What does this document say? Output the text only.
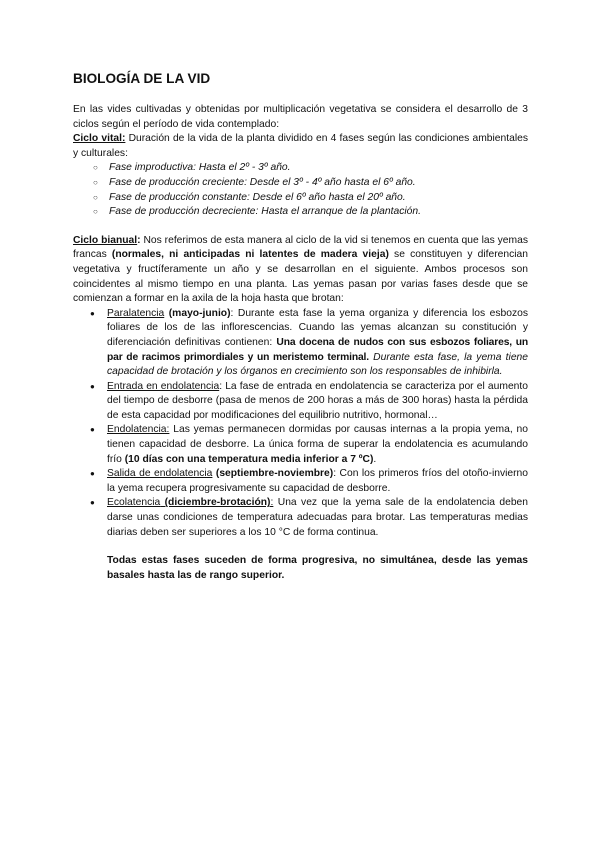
BIOLOGÍA DE LA VID

En las vides cultivadas y obtenidas por multiplicación vegetativa se considera el desarrollo de 3 ciclos según el período de vida contemplado:

Ciclo vital: Duración de la vida de la planta dividido en 4 fases según las condiciones ambientales y culturales:

○ Fase improductiva: Hasta el 2º - 3º año.
○ Fase de producción creciente: Desde el 3º - 4º año hasta el 6º año.
○ Fase de producción constante: Desde el 6º año hasta el 20º año.
○ Fase de producción decreciente: Hasta el arranque de la plantación.

Ciclo bianual: Nos referimos de esta manera al ciclo de la vid si tenemos en cuenta que las yemas francas (normales, ni anticipadas ni latentes de madera vieja) se constituyen y diferencian vegetativa y fructíferamente un año y se desarrollan en el siguiente. Ambos procesos son coincidentes al mismo tiempo en una planta. Las yemas pasan por varias fases desde que se comienzan a formar en la axila de la hoja hasta que brotan:

● Paralatencia (mayo-junio): Durante esta fase la yema organiza y diferencia los esbozos foliares de los de las inflorescencias. Cuando las yemas alcanzan su constitución y diferenciación definitivas contienen: Una docena de nudos con sus esbozos foliares, un par de racimos primordiales y un meristemo terminal. Durante esta fase, la yema tiene capacidad de brotación y los órganos en crecimiento son los responsables de inhibirla.
● Entrada en endolatencia: La fase de entrada en endolatencia se caracteriza por el aumento del tiempo de desborre (pasa de menos de 200 horas a más de 300 horas) hasta la pérdida de esta capacidad por modificaciones del equilibrio nutritivo, hormonal…
● Endolatencia: Las yemas permanecen dormidas por causas internas a la propia yema, no tienen capacidad de desborre. La única forma de superar la endolatencia es acumulando frío (10 días con una temperatura media inferior a 7 ºC).
● Salida de endolatencia (septiembre-noviembre): Con los primeros fríos del otoño-invierno la yema recupera progresivamente su capacidad de desborre.
● Ecolatencia (diciembre-brotación): Una vez que la yema sale de la endolatencia deben darse unas condiciones de temperatura adecuadas para brotar. Las temperaturas medias diarias deben ser superiores a los 10 °C de forma continua.

Todas estas fases suceden de forma progresiva, no simultánea, desde las yemas basales hasta las de rango superior.
